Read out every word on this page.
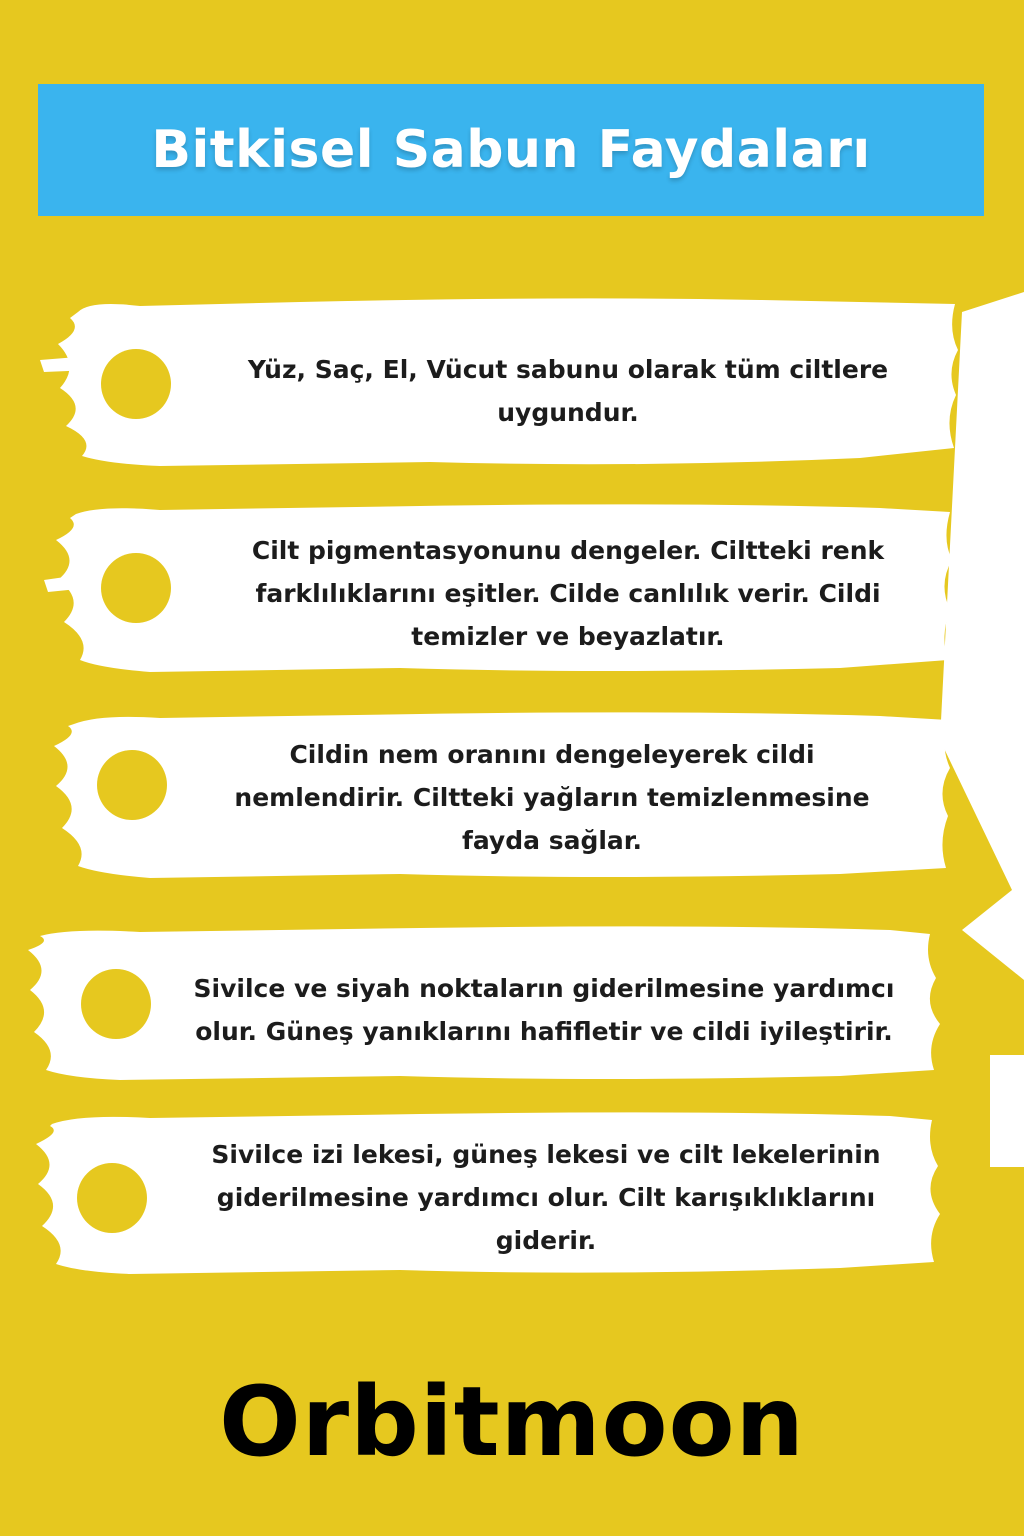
Bitkisel Sabun Faydaları
Yüz, Saç, El, Vücut sabunu olarak tüm ciltlere
uygundur.
Cilt pigmentasyonunu dengeler. Ciltteki renk
farklılıklarını eşitler. Cilde canlılık verir. Cildi
temizler ve beyazlatır.
Cildin nem oranını dengeleyerek cildi
nemlendirir. Ciltteki yağların temizlenmesine
fayda sağlar.
Sivilce ve siyah noktaların giderilmesine yardımcı
olur. Güneş yanıklarını hafifletir ve cildi iyileştirir.
Sivilce izi lekesi, güneş lekesi ve cilt lekelerinin
giderilmesine yardımcı olur. Cilt karışıklıklarını
giderir.
Orbitmoon
